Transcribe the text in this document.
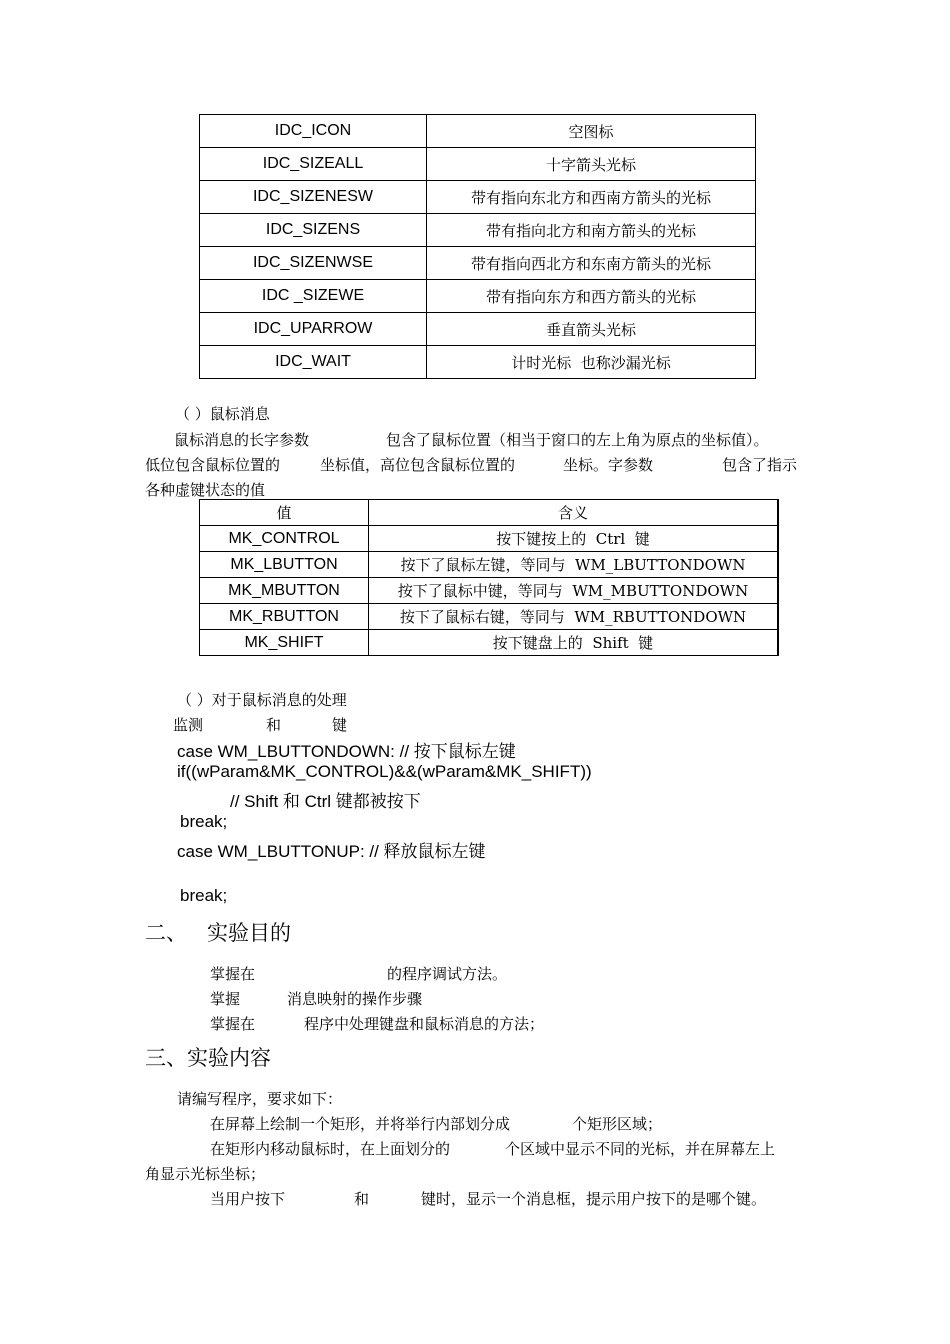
IDC_ICON	空图标
IDC_SIZEALL	十字箭头光标
IDC_SIZENESW	带有指向东北方和西南方箭头的光标
IDC_SIZENS	带有指向北方和南方箭头的光标
IDC_SIZENWSE	带有指向西北方和东南方箭头的光标
IDC _SIZEWE	带有指向东方和西方箭头的光标
IDC_UPARROW	垂直箭头光标
IDC_WAIT	计时光标  也称沙漏光标
（ ）鼠标消息
鼠标消息的长字参数	包含了鼠标位置（相当于窗口的左上角为原点的坐标值）。
低位包含鼠标位置的	坐标值，高位包含鼠标位置的	坐标。字参数	包含了指示
各种虚键状态的值
值	含义
MK_CONTROL	按下键按上的  Ctrl  键
MK_LBUTTON	按下了鼠标左键，等同与  WM_LBUTTONDOWN
MK_MBUTTON	按下了鼠标中键，等同与  WM_MBUTTONDOWN
MK_RBUTTON	按下了鼠标右键，等同与  WM_RBUTTONDOWN
MK_SHIFT	按下键盘上的  Shift  键
（ ）对于鼠标消息的处理
监测	和	键
case WM_LBUTTONDOWN: // 按下鼠标左键
if((wParam&MK_CONTROL)&&(wParam&MK_SHIFT))
// Shift 和 Ctrl 键都被按下
break;
case WM_LBUTTONUP: // 释放鼠标左键
break;
二、   实验目的
掌握在	的程序调试方法。
掌握	消息映射的操作步骤
掌握在	程序中处理键盘和鼠标消息的方法；
三、实验内容
请编写程序，要求如下：
在屏幕上绘制一个矩形，并将举行内部划分成	个矩形区域；
在矩形内移动鼠标时，在上面划分的	个区域中显示不同的光标，并在屏幕左上
角显示光标坐标；
当用户按下	和	键时，显示一个消息框，提示用户按下的是哪个键。
